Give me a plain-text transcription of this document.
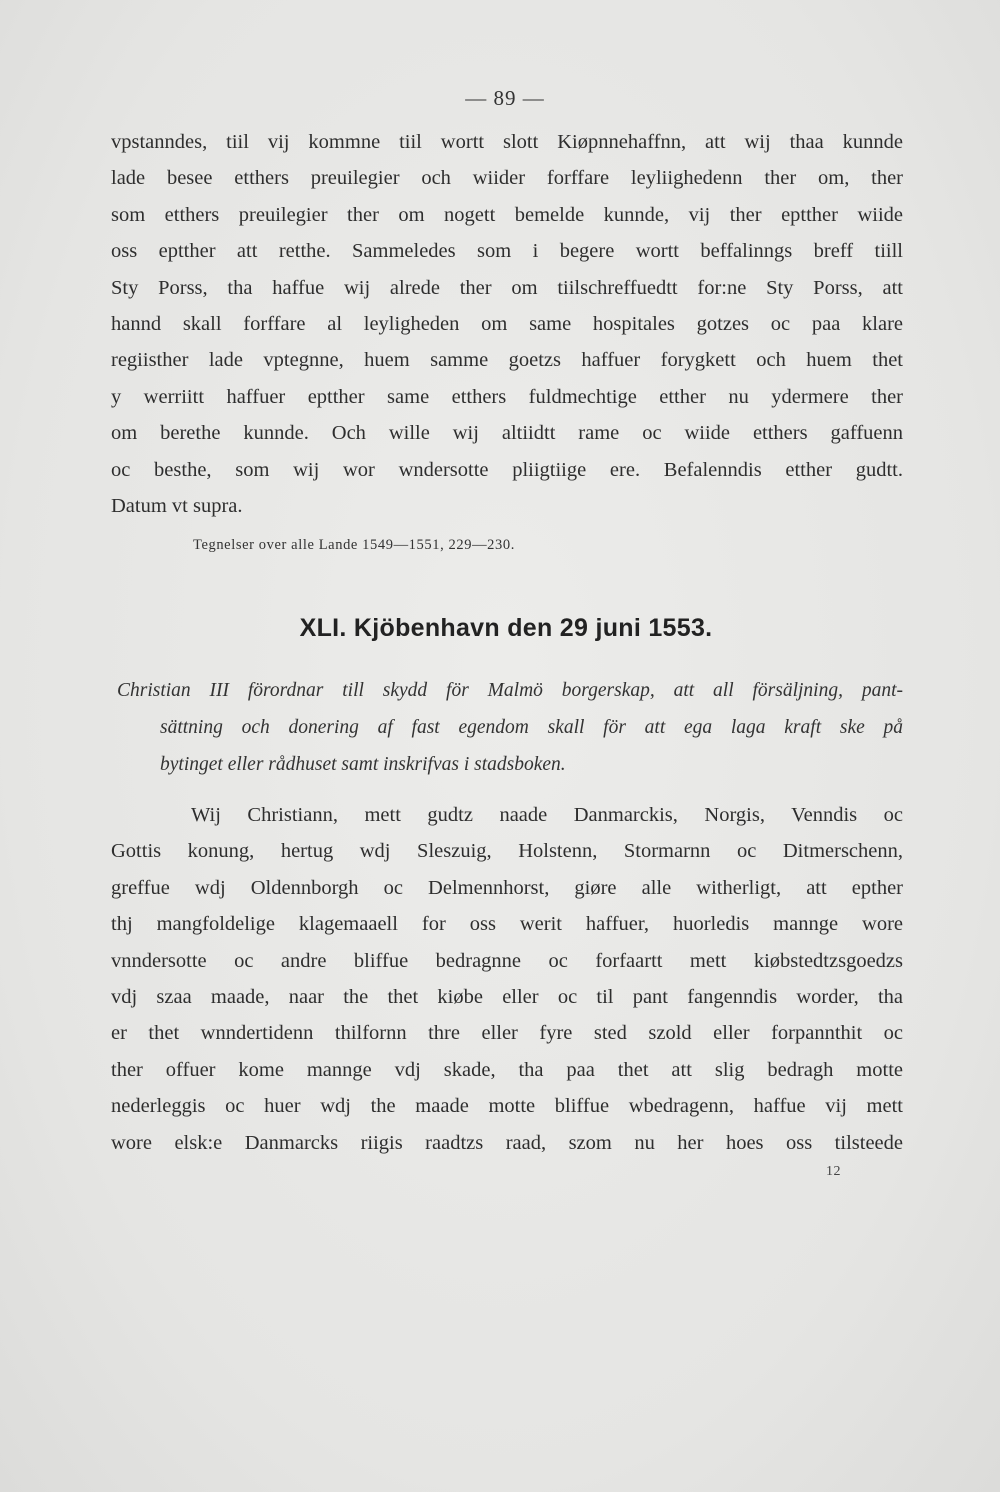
— 89 —
vpstanndes, tiil vij kommne tiil wortt slott Kiøpnnehaffnn, att wij thaa kunnde
lade besee etthers preuilegier och wiider forffare leyliighedenn ther om, ther
som etthers preuilegier ther om nogett bemelde kunnde, vij ther eptther wiide
oss eptther att retthe. Sammeledes som i begere wortt beffalinngs breff tiill
Sty Porss, tha haffue wij alrede ther om tiilschreffuedtt for:ne Sty Porss, att
hannd skall forffare al leyligheden om same hospitales gotzes oc paa klare
regiisther lade vptegnne, huem samme goetzs haffuer forygkett och huem thet
y werriitt haffuer eptther same etthers fuldmechtige etther nu ydermere ther
om berethe kunnde. Och wille wij altiidtt rame oc wiide etthers gaffuenn
oc besthe, som wij wor wndersotte pliigtiige ere. Befalenndis etther gudtt.
Datum vt supra.
Tegnelser over alle Lande 1549—1551, 229—230.
XLI. Kjöbenhavn den 29 juni 1553.
Christian III förordnar till skydd för Malmö borgerskap, att all försäljning, pant-
sättning och donering af fast egendom skall för att ega laga kraft ske på
bytinget eller rådhuset samt inskrifvas i stadsboken.
Wij Christiann, mett gudtz naade Danmarckis, Norgis, Venndis oc
Gottis konung, hertug wdj Sleszuig, Holstenn, Stormarnn oc Ditmerschenn,
greffue wdj Oldennborgh oc Delmennhorst, giøre alle witherligt, att epther
thj mangfoldelige klagemaaell for oss werit haffuer, huorledis mannge wore
vnndersotte oc andre bliffue bedragnne oc forfaartt mett kiøbstedtzsgoedzs
vdj szaa maade, naar the thet kiøbe eller oc til pant fangenndis worder, tha
er thet wnndertidenn thilfornn thre eller fyre sted szold eller forpannthit oc
ther offuer kome mannge vdj skade, tha paa thet att slig bedragh motte
nederleggis oc huer wdj the maade motte bliffue wbedragenn, haffue vij mett
wore elsk:e Danmarcks riigis raadtzs raad, szom nu her hoes oss tilsteede
12
